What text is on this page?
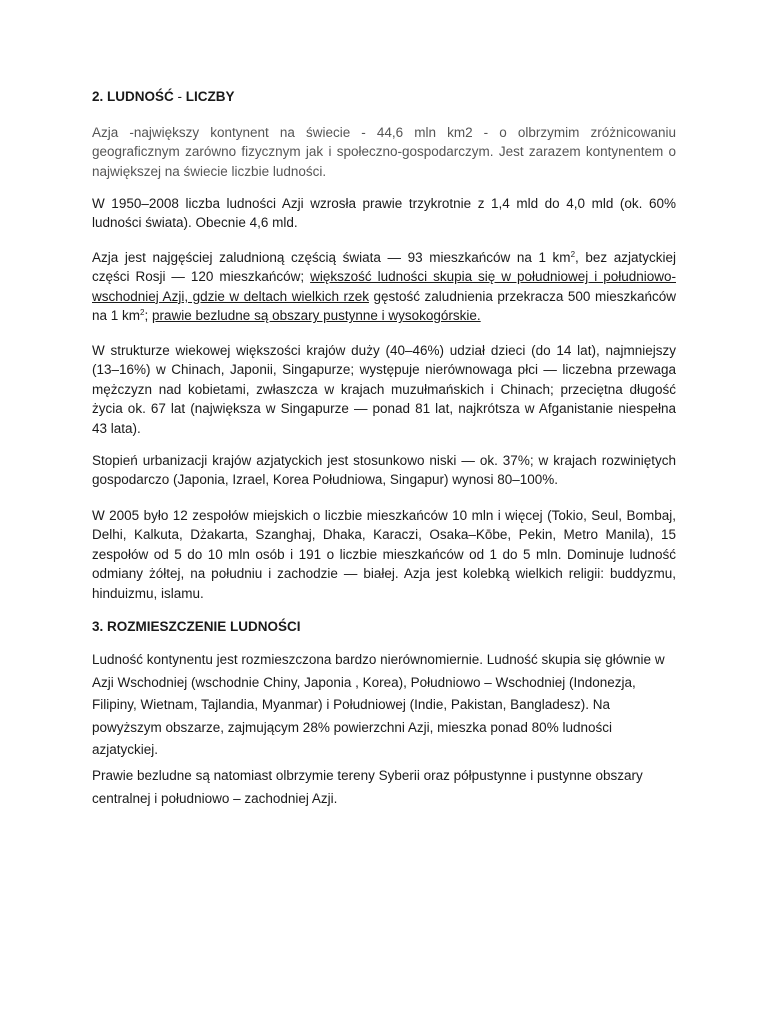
2. LUDNOŚĆ - LICZBY

Azja -największy kontynent na świecie - 44,6 mln km2 - o olbrzymim zróżnicowaniu geograficznym zarówno fizycznym jak i społeczno-gospodarczym. Jest zarazem kontynentem o największej na świecie liczbie ludności.

W 1950–2008 liczba ludności Azji wzrosła prawie trzykrotnie z 1,4 mld do 4,0 mld (ok. 60% ludności świata). Obecnie 4,6 mld.

Azja jest najgęściej zaludnioną częścią świata — 93 mieszkańców na 1 $km^2$, bez azjatyckiej części Rosji — 120 mieszkańców; większość ludności skupia się w południowej i południowo-wschodniej Azji, gdzie w deltach wielkich rzek gęstość zaludnienia przekracza 500 mieszkańców na 1 $km^2$; prawie bezludne są obszary pustynne i wysokogórskie.

W strukturze wiekowej większości krajów duży (40–46%) udział dzieci (do 14 lat), najmniejszy (13–16%) w Chinach, Japonii, Singapurze; występuje nierównowaga płci — liczebna przewaga mężczyzn nad kobietami, zwłaszcza w krajach muzułmańskich i Chinach; przeciętna długość życia ok. 67 lat (największa w Singapurze — ponad 81 lat, najkrótsza w Afganistanie niespełna 43 lata).

Stopień urbanizacji krajów azjatyckich jest stosunkowo niski — ok. 37%; w krajach rozwiniętych gospodarczo (Japonia, Izrael, Korea Południowa, Singapur) wynosi 80–100%.

W 2005 było 12 zespołów miejskich o liczbie mieszkańców 10 mln i więcej (Tokio, Seul, Bombaj, Delhi, Kalkuta, Dżakarta, Szanghaj, Dhaka, Karaczi, Osaka–Kōbe, Pekin, Metro Manila), 15 zespołów od 5 do 10 mln osób i 191 o liczbie mieszkańców od 1 do 5 mln. Dominuje ludność odmiany żółtej, na południu i zachodzie — białej. Azja jest kolebką wielkich religii: buddyzmu, hinduizmu, islamu.

3. ROZMIESZCZENIE LUDNOŚCI

Ludność kontynentu jest rozmieszczona bardzo nierównomiernie. Ludność skupia się głównie w Azji Wschodniej (wschodnie Chiny, Japonia , Korea), Południowo – Wschodniej (Indonezja, Filipiny, Wietnam, Tajlandia, Myanmar) i Południowej (Indie, Pakistan, Bangladesz). Na powyższym obszarze, zajmującym 28% powierzchni Azji, mieszka ponad 80% ludności azjatyckiej.

Prawie bezludne są natomiast olbrzymie tereny Syberii oraz półpustynne i pustynne obszary centralnej i południowo – zachodniej Azji.
